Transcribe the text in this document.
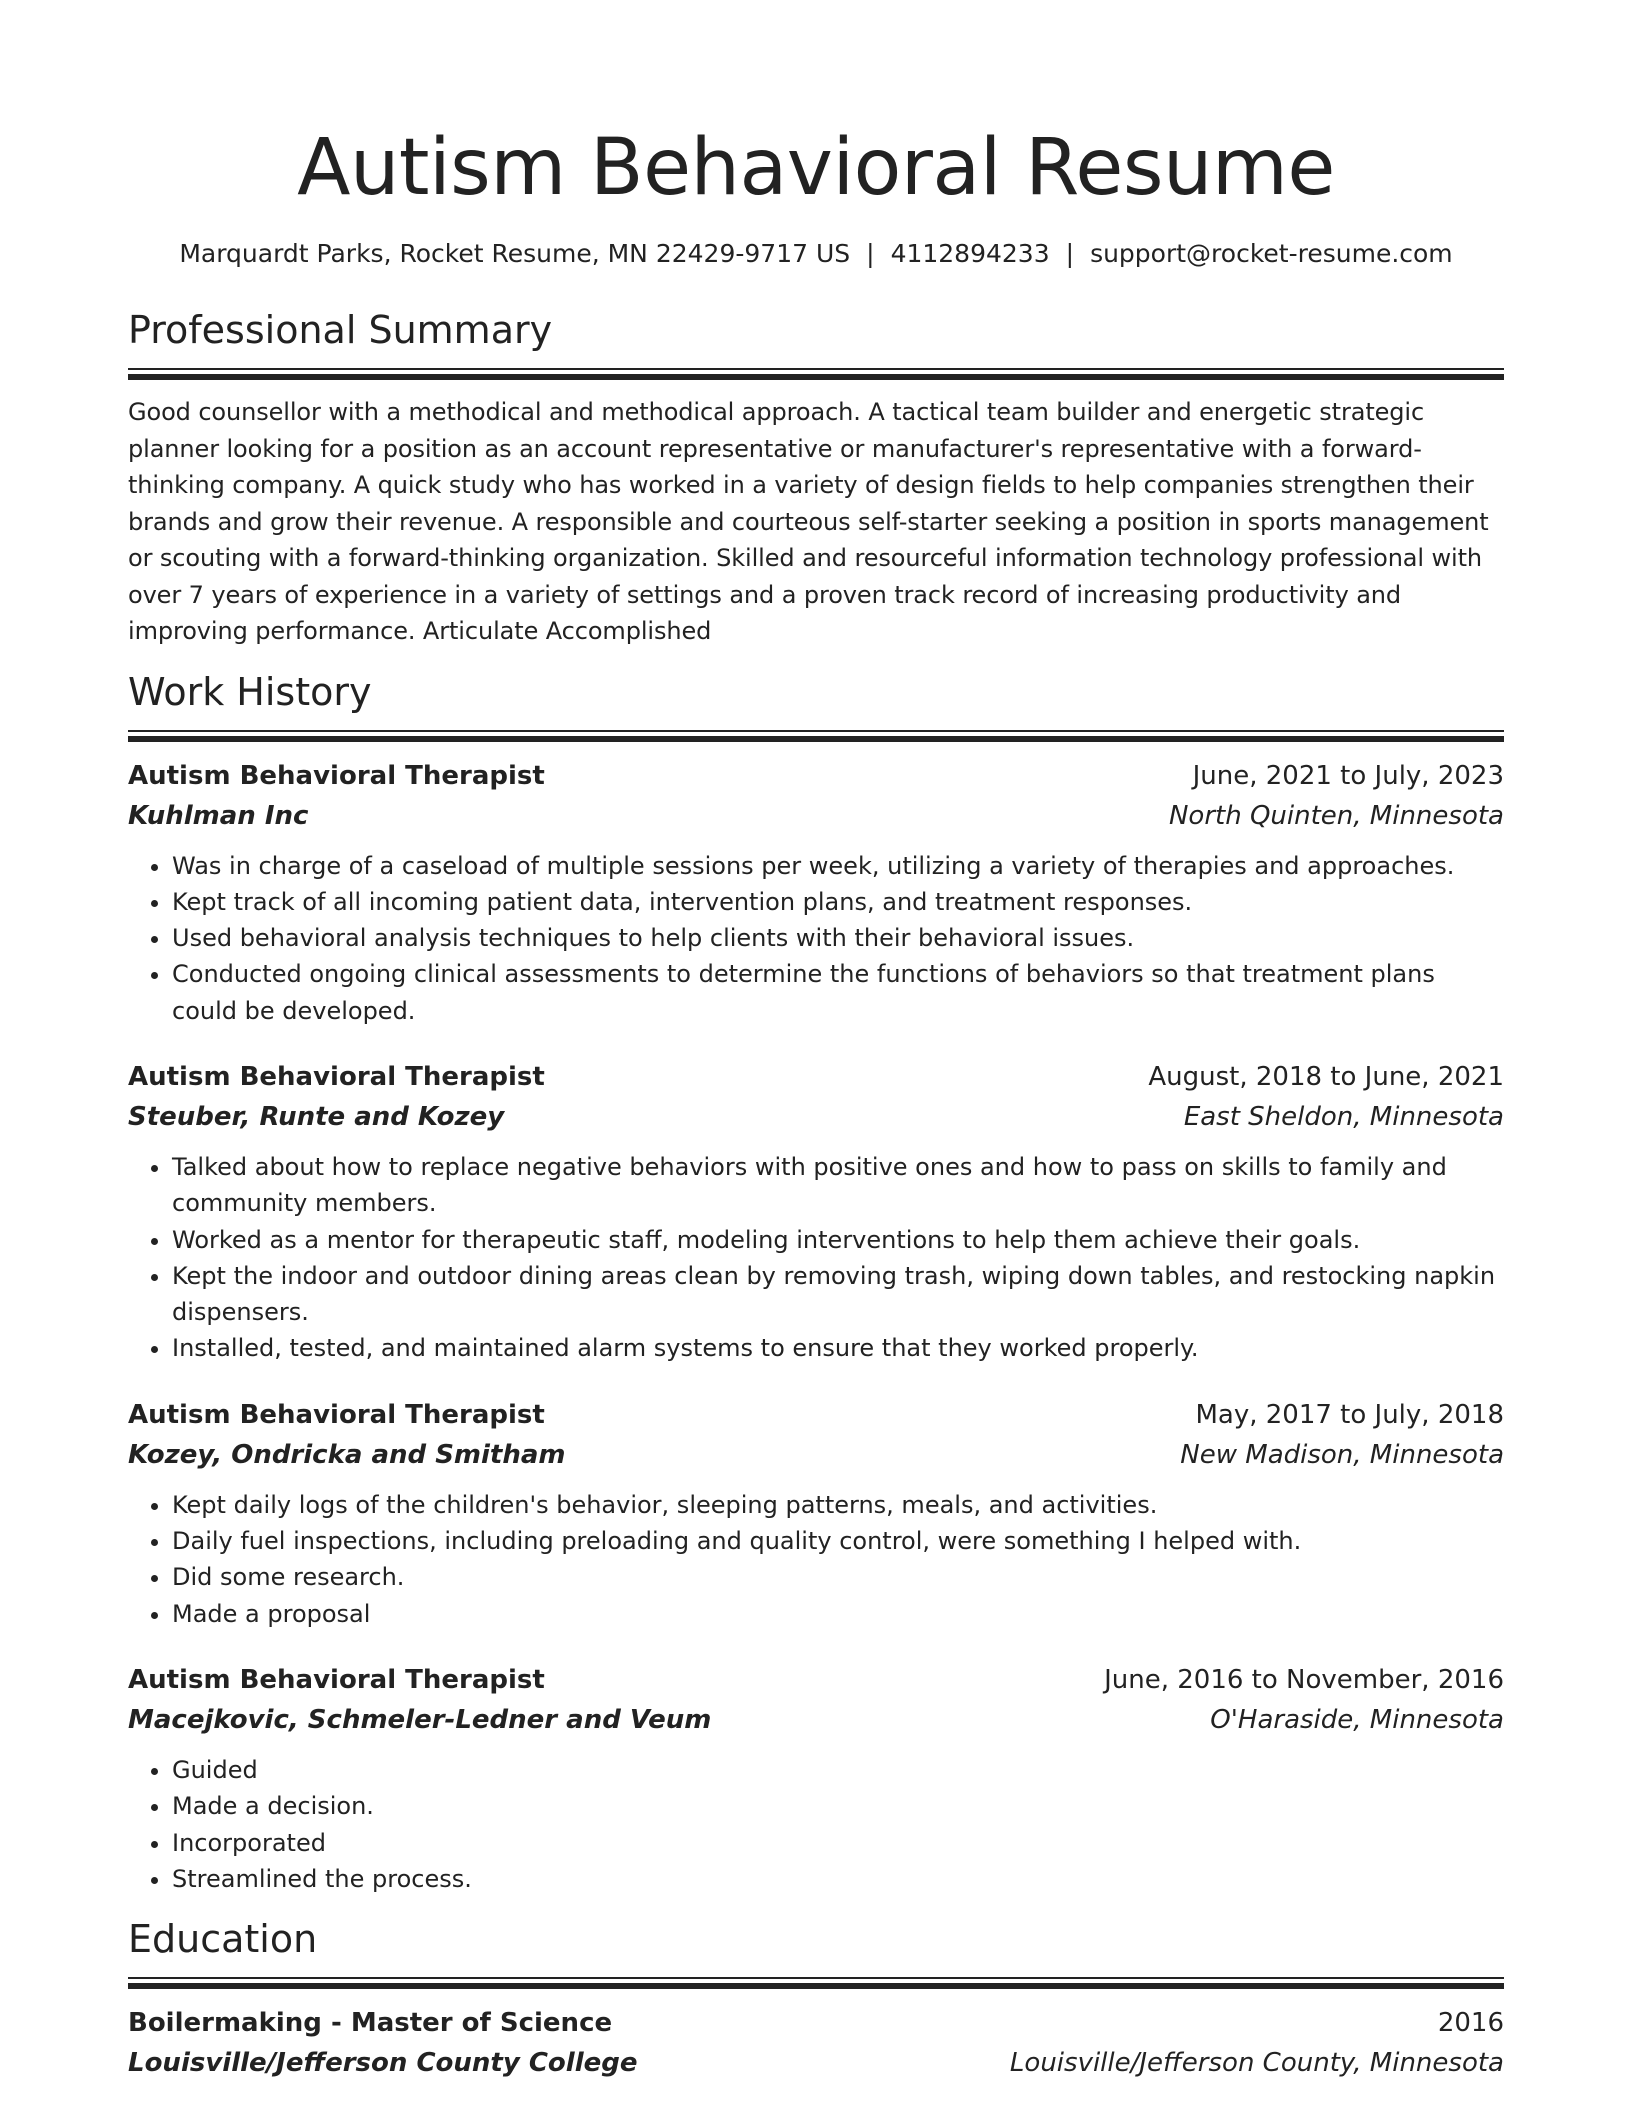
Autism Behavioral Resume
Marquardt Parks, Rocket Resume, MN 22429-9717 US | 4112894233 | support@rocket-resume.com
Professional Summary
Good counsellor with a methodical and methodical approach. A tactical team builder and energetic strategic planner looking for a position as an account representative or manufacturer's representative with a forward-thinking company. A quick study who has worked in a variety of design fields to help companies strengthen their brands and grow their revenue. A responsible and courteous self-starter seeking a position in sports management or scouting with a forward-thinking organization. Skilled and resourceful information technology professional with over 7 years of experience in a variety of settings and a proven track record of increasing productivity and improving performance. Articulate Accomplished
Work History
Autism Behavioral Therapist	June, 2021 to July, 2023
Kuhlman Inc	North Quinten, Minnesota
• Was in charge of a caseload of multiple sessions per week, utilizing a variety of therapies and approaches.
• Kept track of all incoming patient data, intervention plans, and treatment responses.
• Used behavioral analysis techniques to help clients with their behavioral issues.
• Conducted ongoing clinical assessments to determine the functions of behaviors so that treatment plans could be developed.
Autism Behavioral Therapist	August, 2018 to June, 2021
Steuber, Runte and Kozey	East Sheldon, Minnesota
• Talked about how to replace negative behaviors with positive ones and how to pass on skills to family and community members.
• Worked as a mentor for therapeutic staff, modeling interventions to help them achieve their goals.
• Kept the indoor and outdoor dining areas clean by removing trash, wiping down tables, and restocking napkin dispensers.
• Installed, tested, and maintained alarm systems to ensure that they worked properly.
Autism Behavioral Therapist	May, 2017 to July, 2018
Kozey, Ondricka and Smitham	New Madison, Minnesota
• Kept daily logs of the children's behavior, sleeping patterns, meals, and activities.
• Daily fuel inspections, including preloading and quality control, were something I helped with.
• Did some research.
• Made a proposal
Autism Behavioral Therapist	June, 2016 to November, 2016
Macejkovic, Schmeler-Ledner and Veum	O'Haraside, Minnesota
• Guided
• Made a decision.
• Incorporated
• Streamlined the process.
Education
Boilermaking - Master of Science	2016
Louisville/Jefferson County College	Louisville/Jefferson County, Minnesota
